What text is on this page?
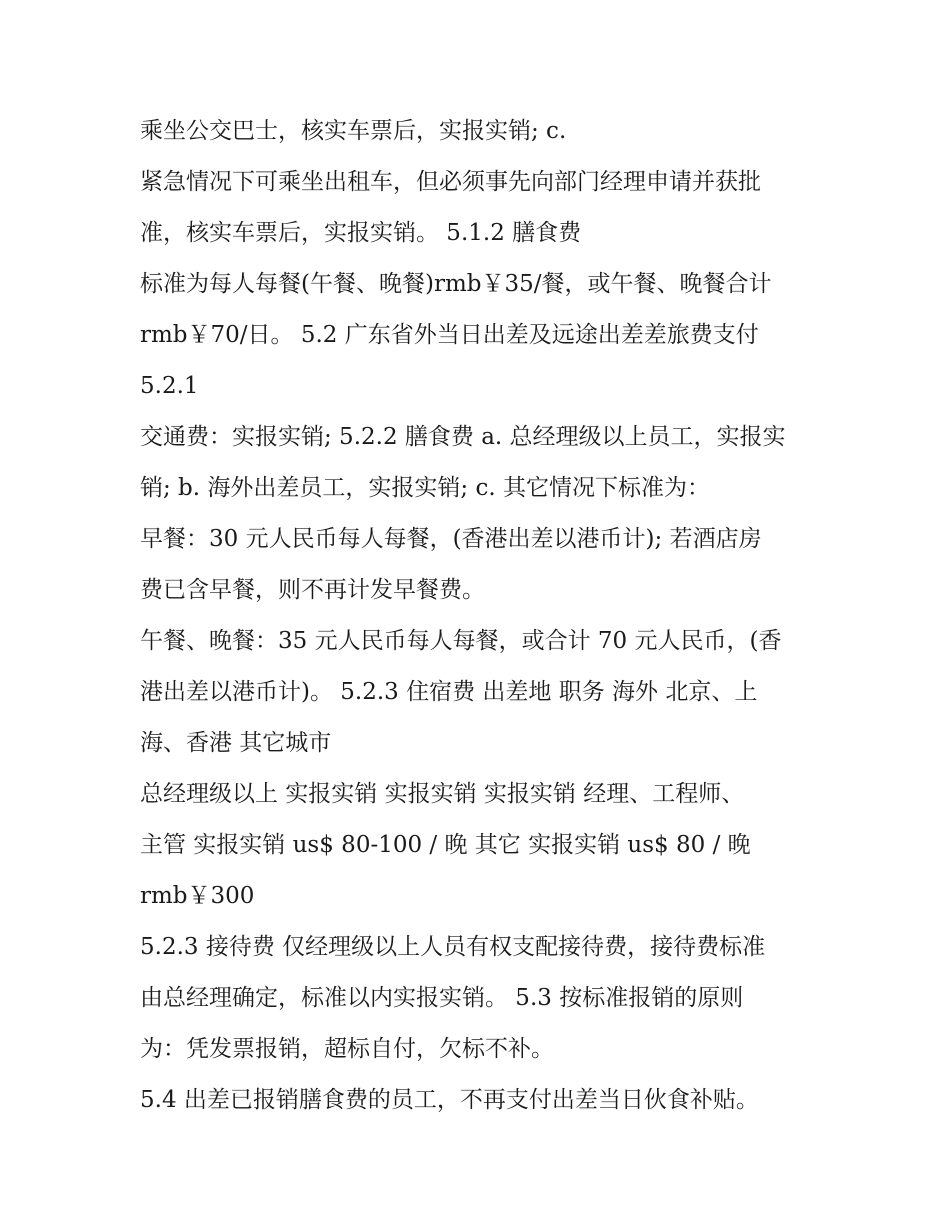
乘坐公交巴士，核实车票后，实报实销; c.
紧急情况下可乘坐出租车，但必须事先向部门经理申请并获批
准，核实车票后，实报实销。 5.1.2 膳食费
标准为每人每餐(午餐、晚餐)rmb￥35/餐，或午餐、晚餐合计
rmb￥70/日。 5.2 广东省外当日出差及远途出差差旅费支付
5.2.1
交通费：实报实销; 5.2.2 膳食费 a. 总经理级以上员工，实报实
销; b. 海外出差员工，实报实销; c. 其它情况下标准为：
早餐：30 元人民币每人每餐，(香港出差以港币计); 若酒店房
费已含早餐，则不再计发早餐费。
午餐、晚餐：35 元人民币每人每餐，或合计 70 元人民币，(香
港出差以港币计)。 5.2.3 住宿费 出差地 职务 海外 北京、上
海、香港 其它城市
总经理级以上 实报实销 实报实销 实报实销 经理、工程师、
主管 实报实销 us$ 80-100 / 晚 其它 实报实销 us$ 80 / 晚
rmb￥300
5.2.3 接待费 仅经理级以上人员有权支配接待费，接待费标准
由总经理确定，标准以内实报实销。 5.3 按标准报销的原则
为：凭发票报销，超标自付，欠标不补。
5.4 出差已报销膳食费的员工，不再支付出差当日伙食补贴。
